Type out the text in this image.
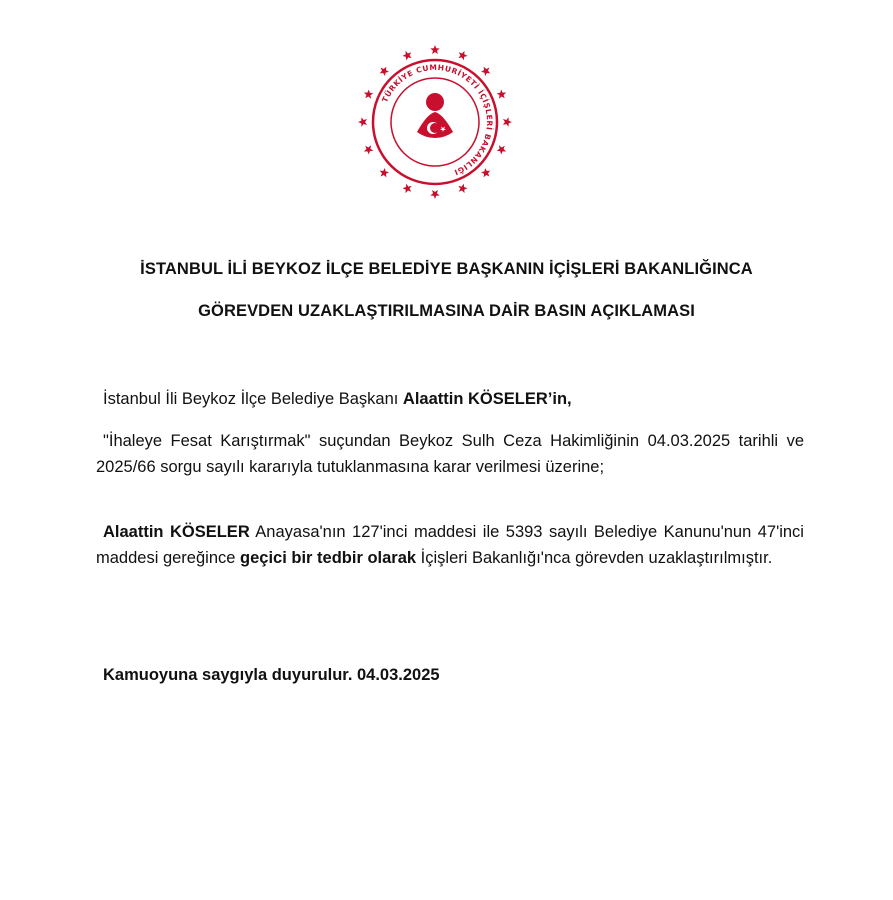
TÜRKİYE CUMHURİYETİ İÇİŞLERİ BAKANLIĞI
İSTANBUL İLİ BEYKOZ İLÇE BELEDİYE BAŞKANIN İÇİŞLERİ BAKANLIĞINCA
GÖREVDEN UZAKLAŞTIRILMASINA DAİR BASIN AÇIKLAMASI
İstanbul İli Beykoz İlçe Belediye Başkanı Alaattin KÖSELER’in,
"İhaleye Fesat Karıştırmak" suçundan Beykoz Sulh Ceza Hakimliğinin 04.03.2025 tarihli ve 2025/66 sorgu sayılı kararıyla tutuklanmasına karar verilmesi üzerine;
Alaattin KÖSELER Anayasa'nın 127'inci maddesi ile 5393 sayılı Belediye Kanunu'nun 47'inci maddesi gereğince geçici bir tedbir olarak İçişleri Bakanlığı'nca görevden uzaklaştırılmıştır.
Kamuoyuna saygıyla duyurulur. 04.03.2025
